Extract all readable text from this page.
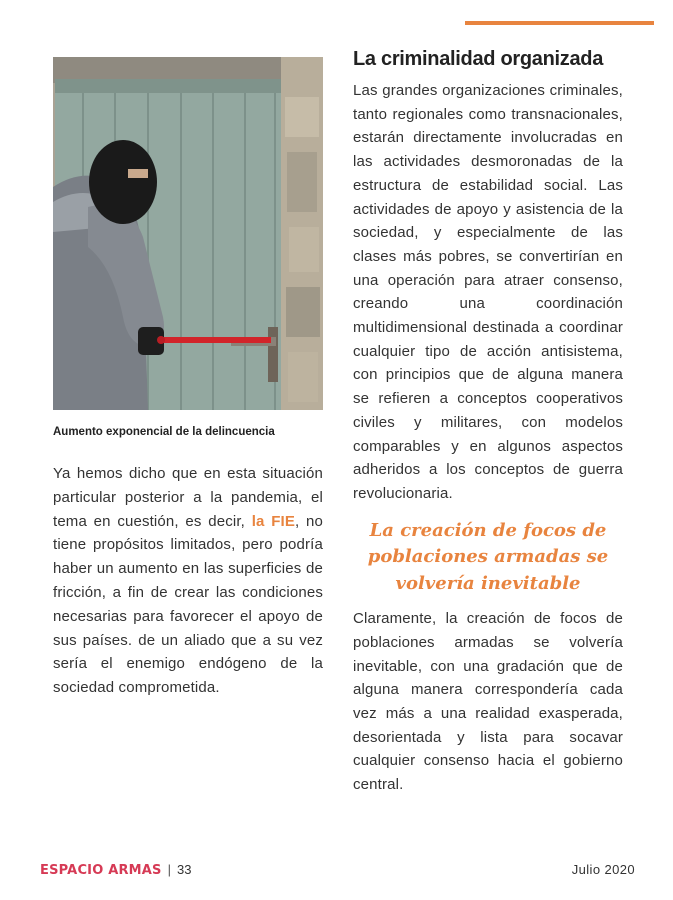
Aumento exponencial de la delincuencia
Ya hemos dicho que en esta situación particular posterior a la pandemia, el tema en cuestión, es decir, la FIE, no tiene propósitos limitados, pero podría haber un aumento en las superficies de fricción, a fin de crear las condiciones necesarias para favorecer el apoyo de sus países. de un aliado que a su vez sería el enemigo endógeno de la sociedad comprometida.
La criminalidad organizada

Las grandes organizaciones criminales, tanto regionales como transnacionales, estarán directamente involucradas en las actividades desmoronadas de la estructura de estabilidad social. Las actividades de apoyo y asistencia de la sociedad, y especialmente de las clases más pobres, se convertirían en una operación para atraer consenso, creando una coordinación multidimensional destinada a coordinar cualquier tipo de acción antisistema, con principios que de alguna manera se refieren a conceptos cooperativos civiles y militares, con modelos comparables y en algunos aspectos adheridos a los conceptos de guerra revolucionaria.

La creación de focos de poblaciones armadas se volvería inevitable

Claramente, la creación de focos de poblaciones armadas se volvería inevitable, con una gradación que de alguna manera correspondería cada vez más a una realidad exasperada, desorientada y lista para socavar cualquier consenso hacia el gobierno central.

ESPACIO ARMAS | 33	Julio 2020
